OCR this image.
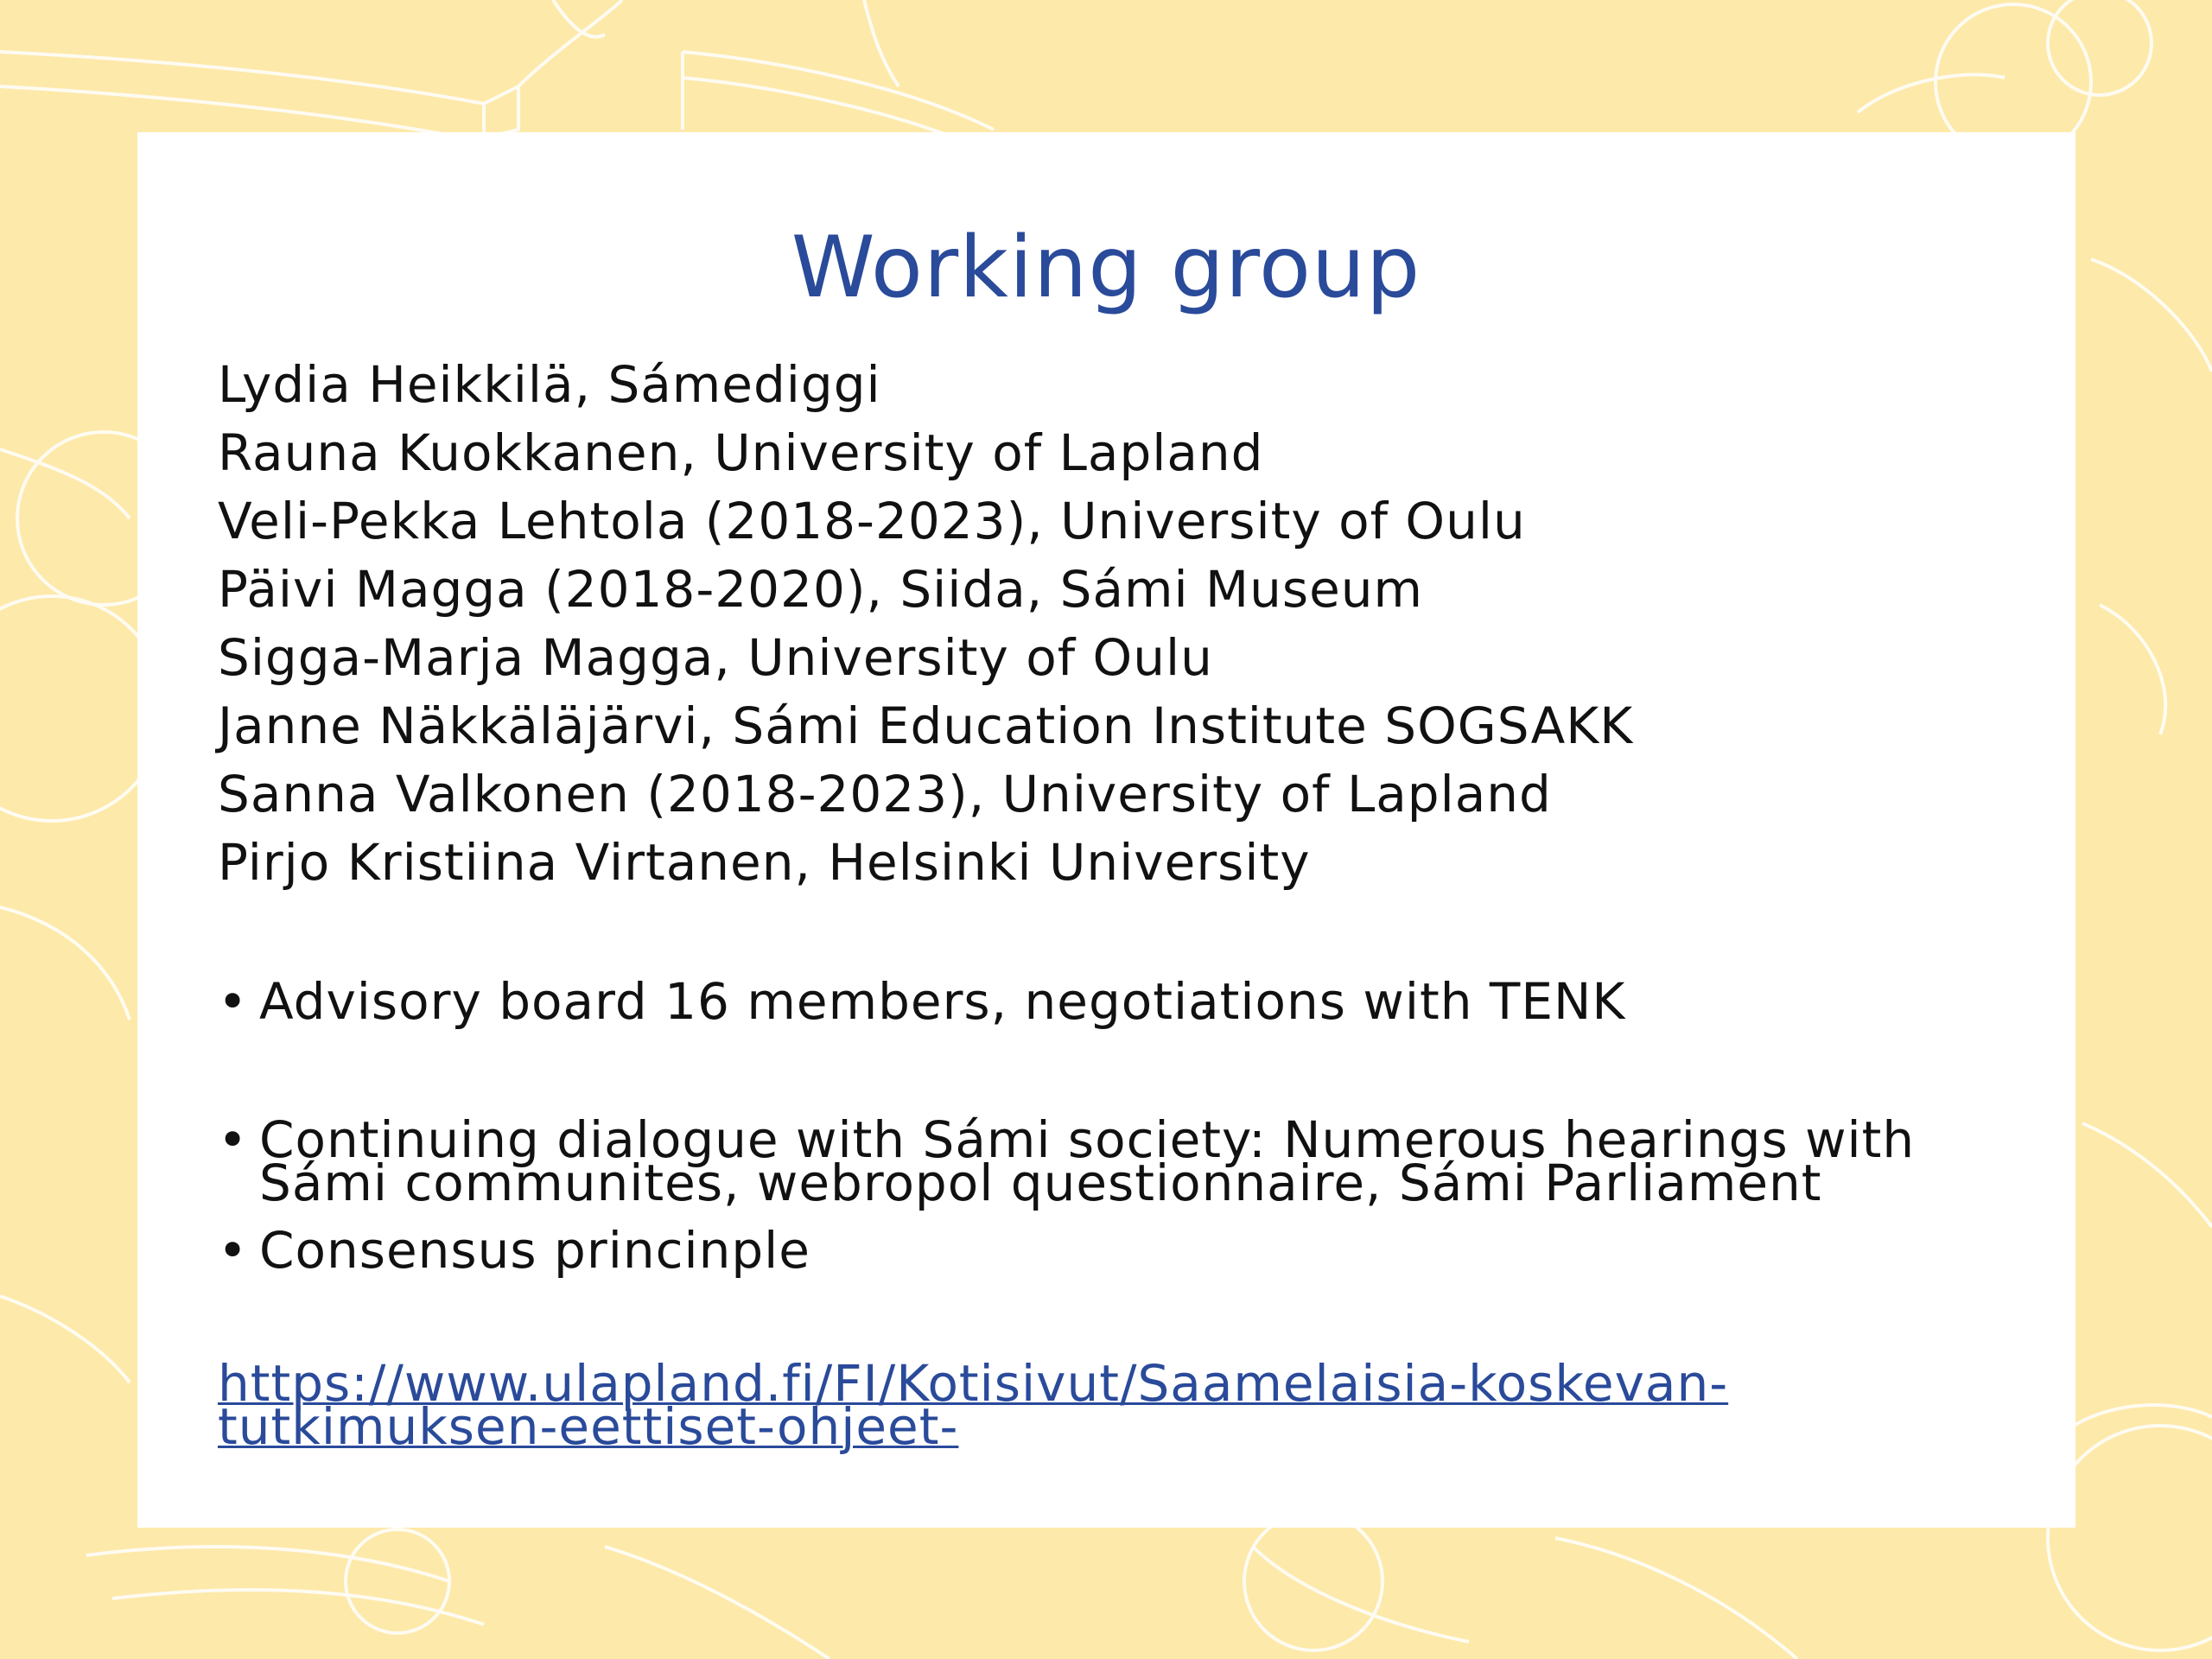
Working group
Lydia Heikkilä, Sámediggi
Rauna Kuokkanen, University of Lapland
Veli-Pekka Lehtola (2018-2023), University of Oulu
Päivi Magga (2018-2020), Siida, Sámi Museum
Sigga-Marja Magga, University of Oulu
Janne Näkkäläjärvi, Sámi Education Institute SOGSAKK
Sanna Valkonen (2018-2023), University of Lapland
Pirjo Kristiina Virtanen, Helsinki University
• Advisory board 16 members, negotiations with TENK
• Continuing dialogue with Sámi society: Numerous hearings with Sámi communites, webropol questionnaire, Sámi Parliament
• Consensus princinple
https://www.ulapland.fi/FI/Kotisivut/Saamelaisia-koskevan-
tutkimuksen-eettiset-ohjeet-
